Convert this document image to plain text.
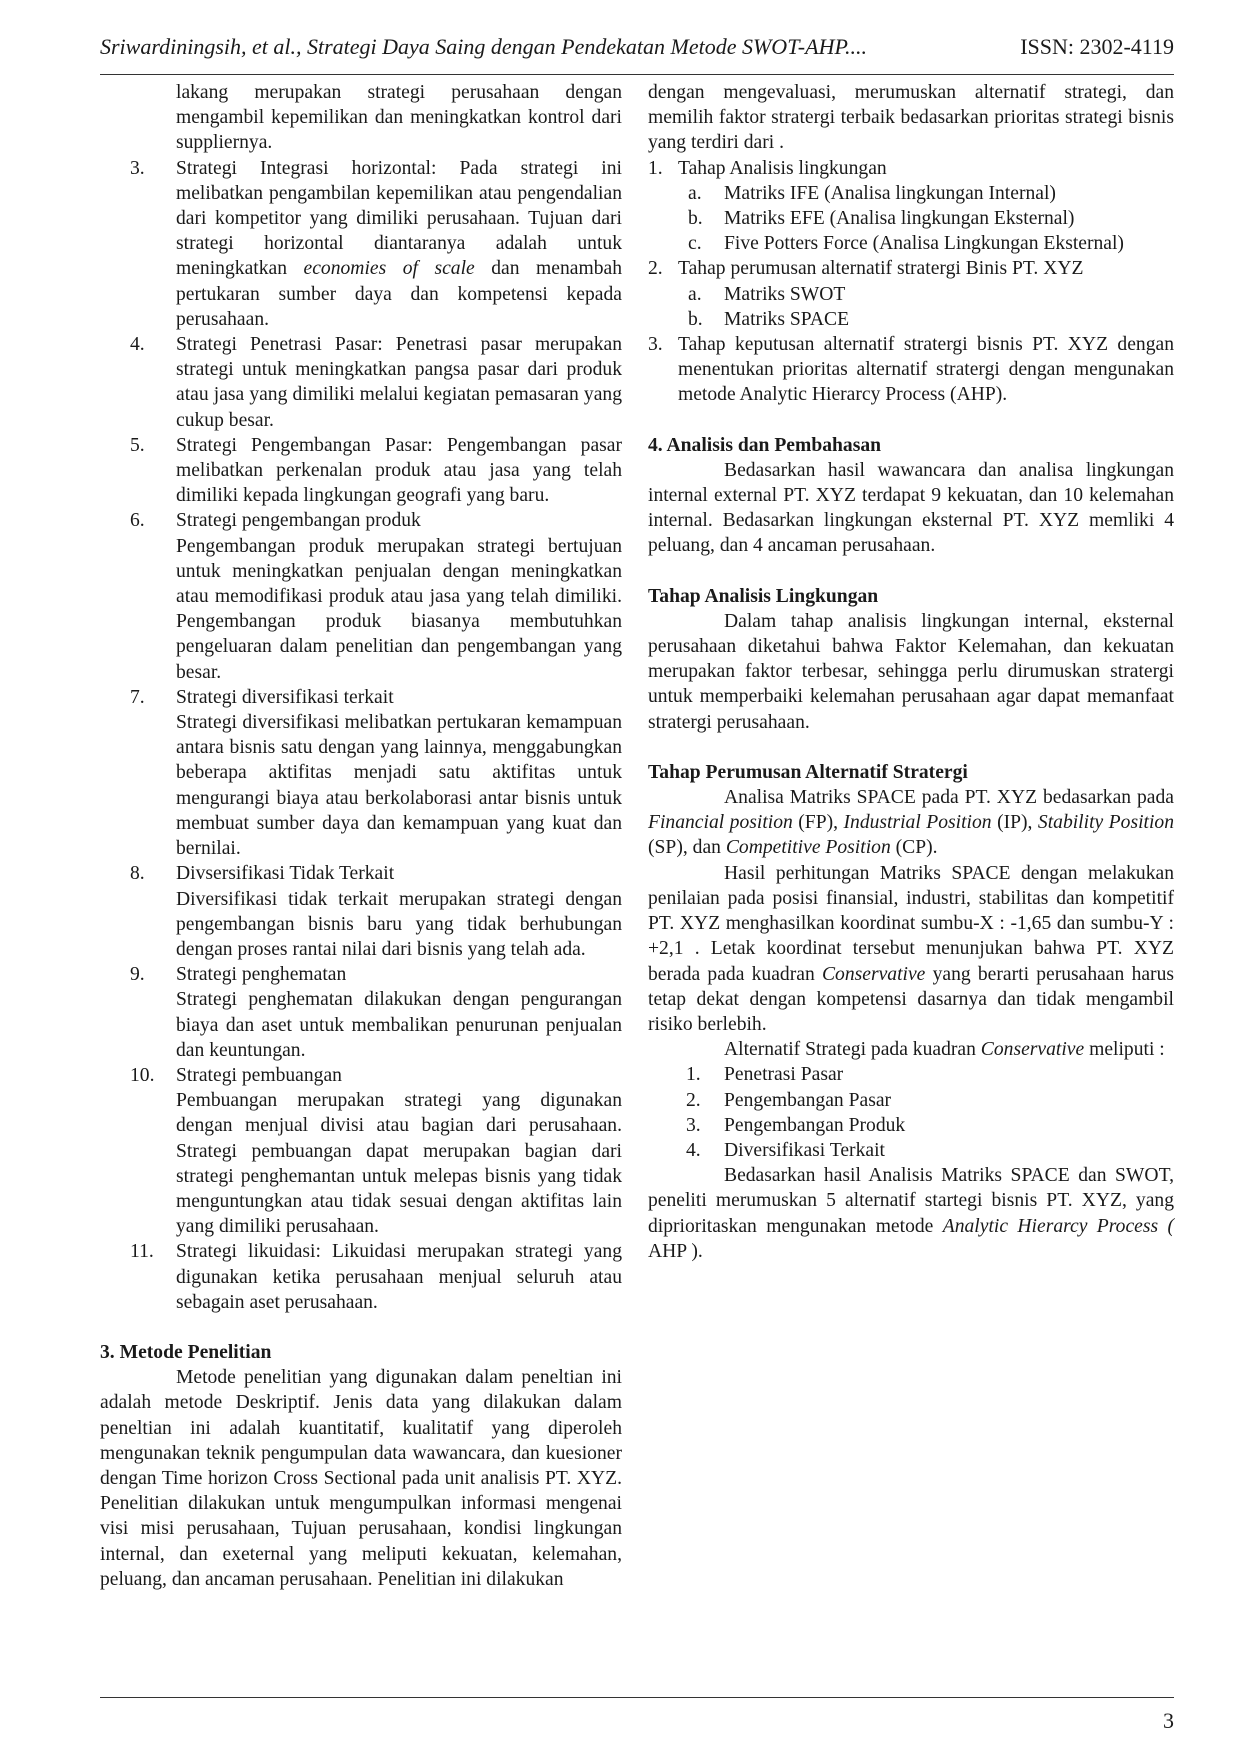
Sriwardiningsih, et al., Strategi Daya Saing dengan Pendekatan Metode SWOT-AHP....	ISSN: 2302-4119

lakang merupakan strategi perusahaan dengan mengambil kepemilikan dan meningkatkan kontrol dari suppliernya.

3.	Strategi Integrasi horizontal: Pada strategi ini melibatkan pengambilan kepemilikan atau pengendalian dari kompetitor yang dimiliki perusahaan. Tujuan dari strategi horizontal diantaranya adalah untuk meningkatkan economies of scale dan menambah pertukaran sumber daya dan kompetensi kepada perusahaan.

4.	Strategi Penetrasi Pasar: Penetrasi pasar merupakan strategi untuk meningkatkan pangsa pasar dari produk atau jasa yang dimiliki melalui kegiatan pemasaran yang cukup besar.

5.	Strategi Pengembangan Pasar: Pengembangan pasar melibatkan perkenalan produk atau jasa yang telah dimiliki kepada lingkungan geografi yang baru.

6.	Strategi pengembangan produk

Pengembangan produk merupakan strategi bertujuan untuk meningkatkan penjualan dengan meningkatkan atau memodifikasi produk atau jasa yang telah dimiliki. Pengembangan produk biasanya membutuhkan pengeluaran dalam penelitian dan pengembangan yang besar.

7.	Strategi diversifikasi terkait

Strategi diversifikasi melibatkan pertukaran kemampuan antara bisnis satu dengan yang lainnya, menggabungkan beberapa aktifitas menjadi satu aktifitas untuk mengurangi biaya atau berkolaborasi antar bisnis untuk membuat sumber daya dan kemampuan yang kuat dan bernilai.

8.	Divsersifikasi Tidak Terkait

Diversifikasi tidak terkait merupakan strategi dengan pengembangan bisnis baru yang tidak berhubungan dengan proses rantai nilai dari bisnis yang telah ada.

9.	Strategi penghematan

Strategi penghematan dilakukan dengan pengurangan biaya dan aset untuk membalikan penurunan penjualan dan keuntungan.

10.	Strategi pembuangan

Pembuangan merupakan strategi yang digunakan dengan menjual divisi atau bagian dari perusahaan. Strategi pembuangan dapat merupakan bagian dari strategi penghemantan untuk melepas bisnis yang tidak menguntungkan atau tidak sesuai dengan aktifitas lain yang dimiliki perusahaan.

11.	Strategi likuidasi: Likuidasi merupakan strategi yang digunakan ketika perusahaan menjual seluruh atau sebagain aset perusahaan.

3. Metode Penelitian

Metode penelitian yang digunakan dalam peneltian ini adalah metode Deskriptif. Jenis data yang dilakukan dalam peneltian ini adalah kuantitatif, kualitatif yang diperoleh mengunakan teknik pengumpulan data wawancara, dan kuesioner dengan Time horizon Cross Sectional pada unit analisis PT. XYZ. Penelitian dilakukan untuk mengumpulkan informasi mengenai visi misi perusahaan, Tujuan perusahaan, kondisi lingkungan internal, dan exeternal yang meliputi kekuatan, kelemahan, peluang, dan ancaman perusahaan. Penelitian ini dilakukan

dengan mengevaluasi, merumuskan alternatif strategi, dan memilih faktor stratergi terbaik bedasarkan prioritas strategi bisnis yang terdiri dari .

1. Tahap Analisis lingkungan

a.	Matriks IFE (Analisa lingkungan Internal)

b.	Matriks EFE (Analisa lingkungan Eksternal)

c.	Five Potters Force (Analisa Lingkungan Eksternal)

2. Tahap perumusan alternatif stratergi Binis PT. XYZ

a.	Matriks SWOT

b.	Matriks SPACE

3. Tahap keputusan alternatif stratergi bisnis PT. XYZ dengan menentukan prioritas alternatif stratergi dengan mengunakan metode Analytic Hierarcy Process (AHP).

4. Analisis dan Pembahasan

Bedasarkan hasil wawancara dan analisa lingkungan internal external PT. XYZ terdapat 9 kekuatan, dan 10 kelemahan internal. Bedasarkan lingkungan eksternal PT. XYZ memliki 4 peluang, dan 4 ancaman perusahaan.

Tahap Analisis Lingkungan

Dalam tahap analisis lingkungan internal, eksternal perusahaan diketahui bahwa Faktor Kelemahan, dan kekuatan merupakan faktor terbesar, sehingga perlu dirumuskan stratergi untuk memperbaiki kelemahan perusahaan agar dapat memanfaat stratergi perusahaan.

Tahap Perumusan Alternatif Stratergi

Analisa Matriks SPACE pada PT. XYZ bedasarkan pada Financial position (FP), Industrial Position (IP), Stability Position (SP), dan Competitive Position (CP).

Hasil perhitungan Matriks SPACE dengan melakukan penilaian pada posisi finansial, industri, stabilitas dan kompetitif PT. XYZ menghasilkan koordinat sumbu-X : -1,65 dan sumbu-Y : +2,1 . Letak koordinat tersebut menunjukan bahwa PT. XYZ berada pada kuadran Conservative yang berarti perusahaan harus tetap dekat dengan kompetensi dasarnya dan tidak mengambil risiko berlebih.

Alternatif Strategi pada kuadran Conservative meliputi :

1.	Penetrasi Pasar

2.	Pengembangan Pasar

3.	Pengembangan Produk

4.	Diversifikasi Terkait

Bedasarkan hasil Analisis Matriks SPACE dan SWOT, peneliti merumuskan 5 alternatif startegi bisnis PT. XYZ, yang diprioritaskan mengunakan metode Analytic Hierarcy Process ( AHP ).

3
